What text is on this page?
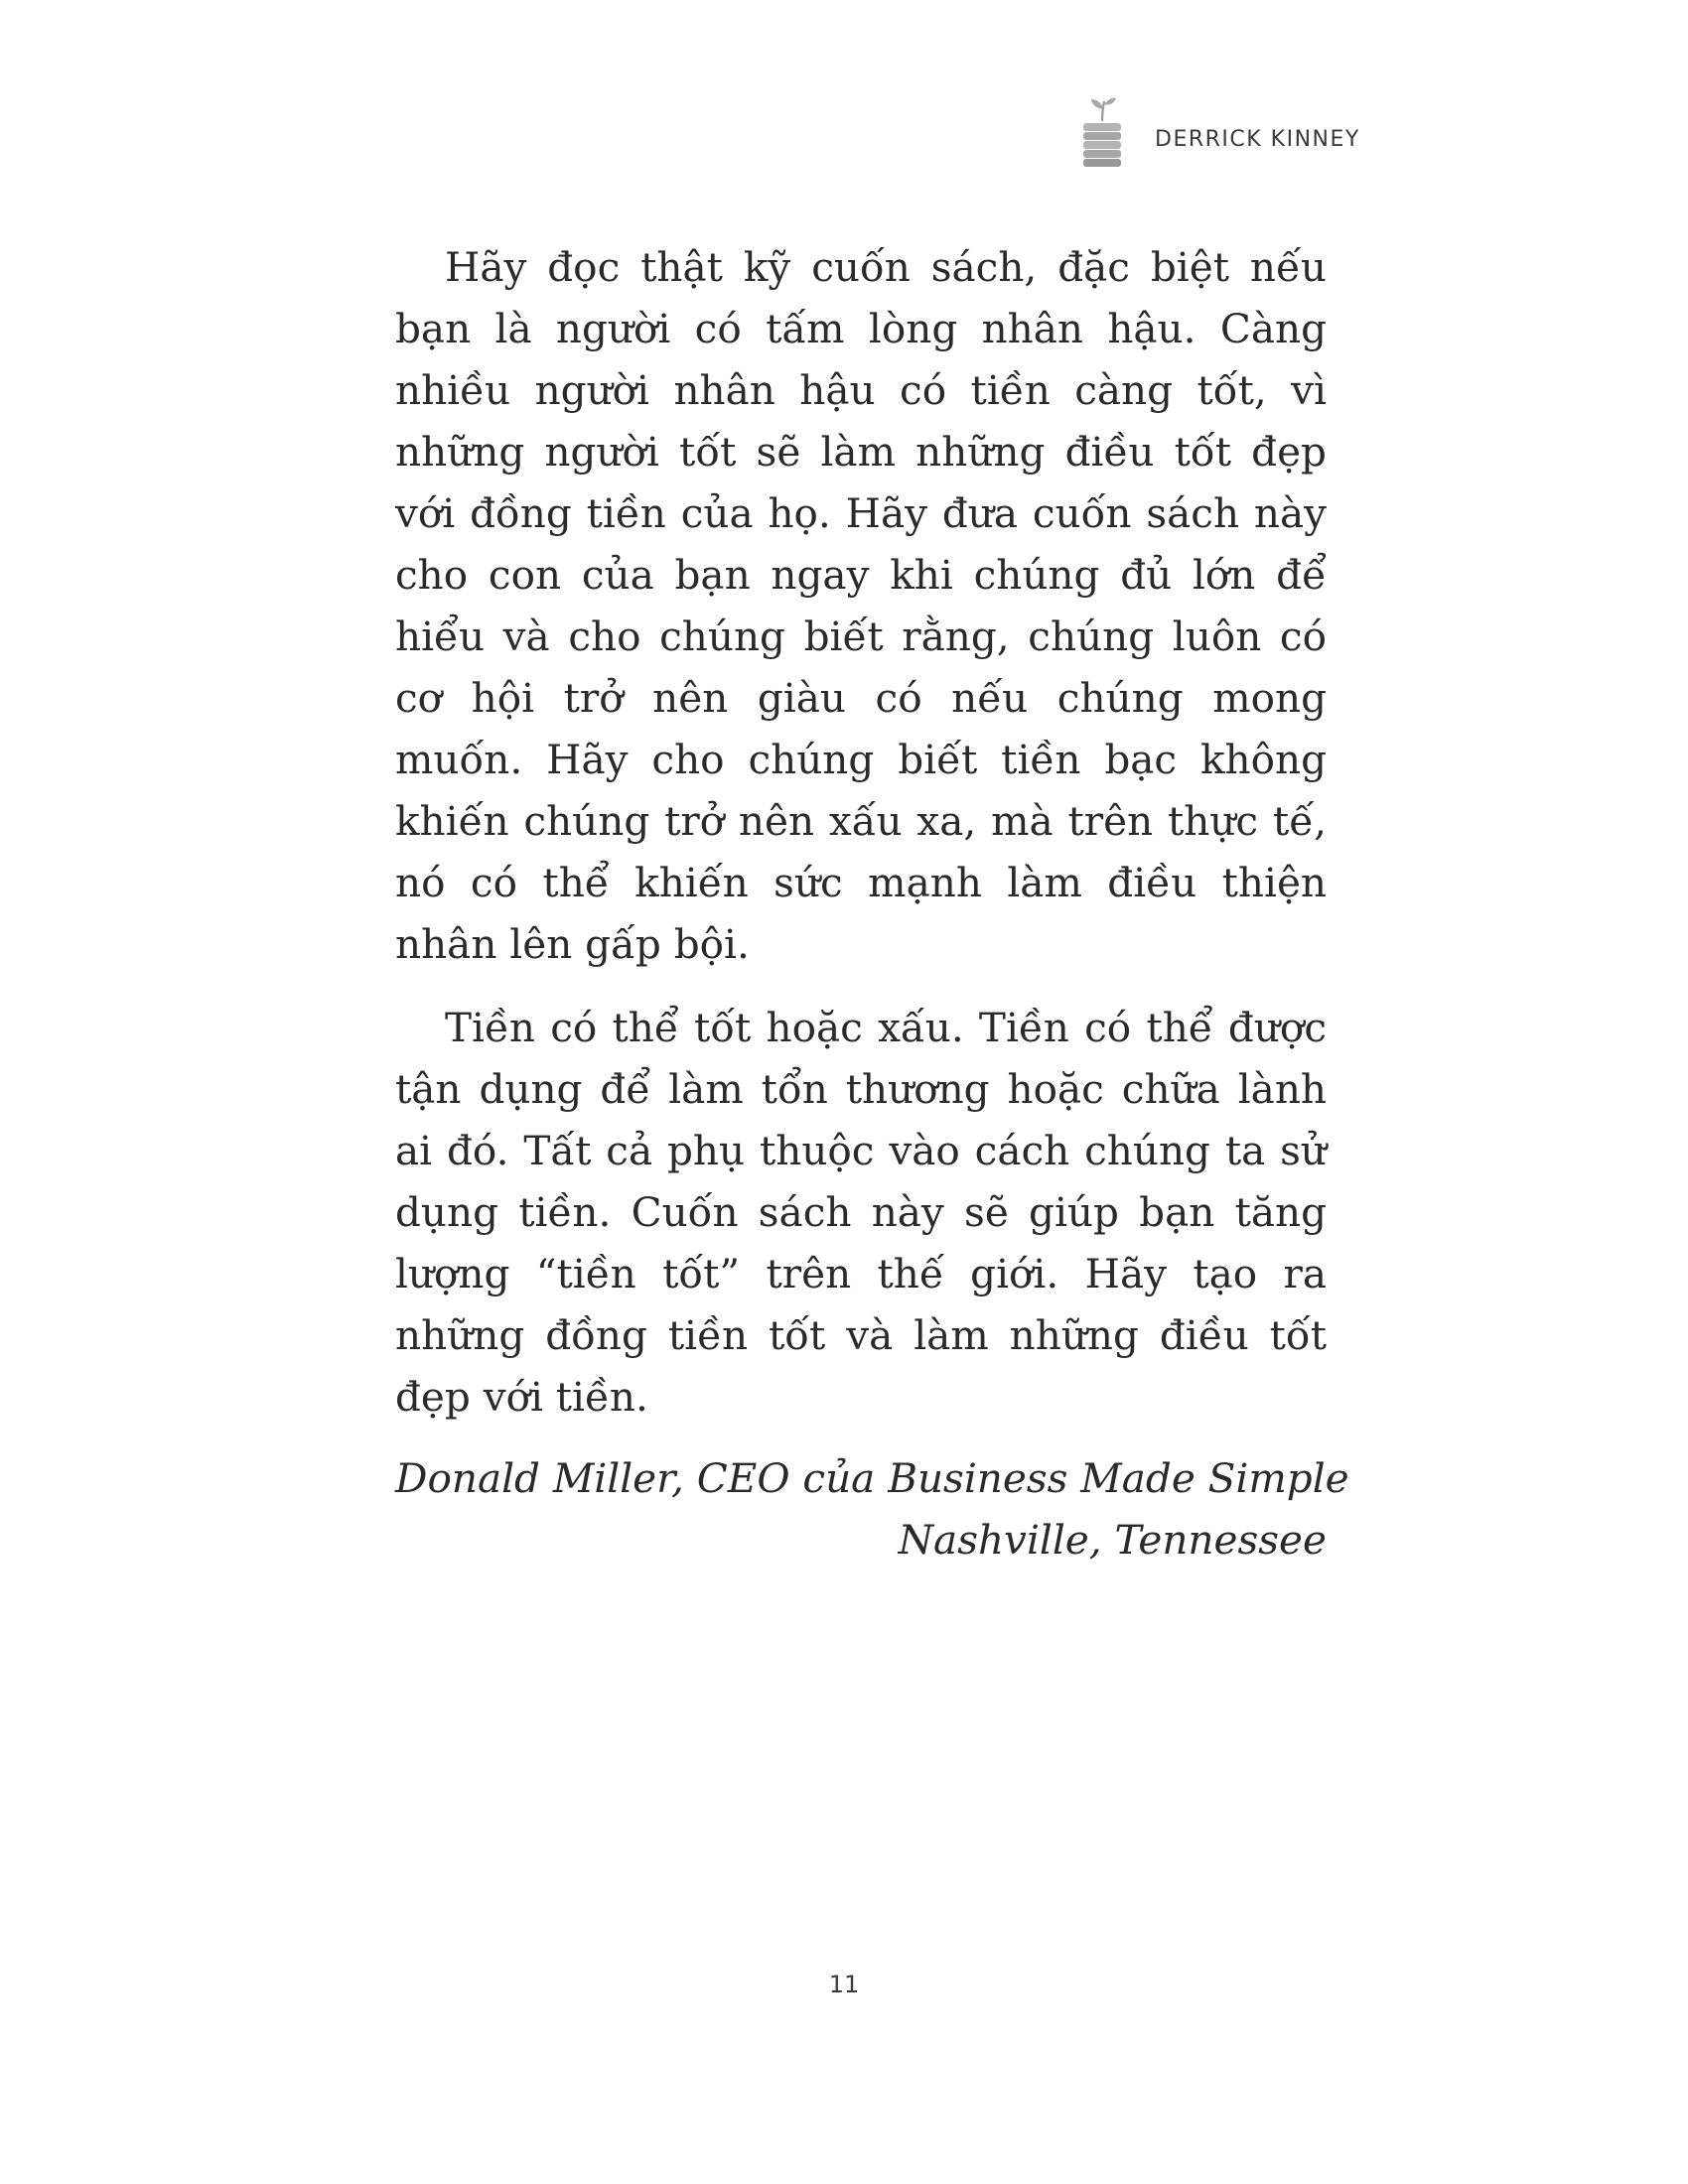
DERRICK KINNEY

Hãy đọc thật kỹ cuốn sách, đặc biệt nếu bạn là người có tấm lòng nhân hậu. Càng nhiều người nhân hậu có tiền càng tốt, vì những người tốt sẽ làm những điều tốt đẹp với đồng tiền của họ. Hãy đưa cuốn sách này cho con của bạn ngay khi chúng đủ lớn để hiểu và cho chúng biết rằng, chúng luôn có cơ hội trở nên giàu có nếu chúng mong muốn. Hãy cho chúng biết tiền bạc không khiến chúng trở nên xấu xa, mà trên thực tế, nó có thể khiến sức mạnh làm điều thiện nhân lên gấp bội.

Tiền có thể tốt hoặc xấu. Tiền có thể được tận dụng để làm tổn thương hoặc chữa lành ai đó. Tất cả phụ thuộc vào cách chúng ta sử dụng tiền. Cuốn sách này sẽ giúp bạn tăng lượng “tiền tốt” trên thế giới. Hãy tạo ra những đồng tiền tốt và làm những điều tốt đẹp với tiền.

Donald Miller, CEO của Business Made Simple
Nashville, Tennessee
11
